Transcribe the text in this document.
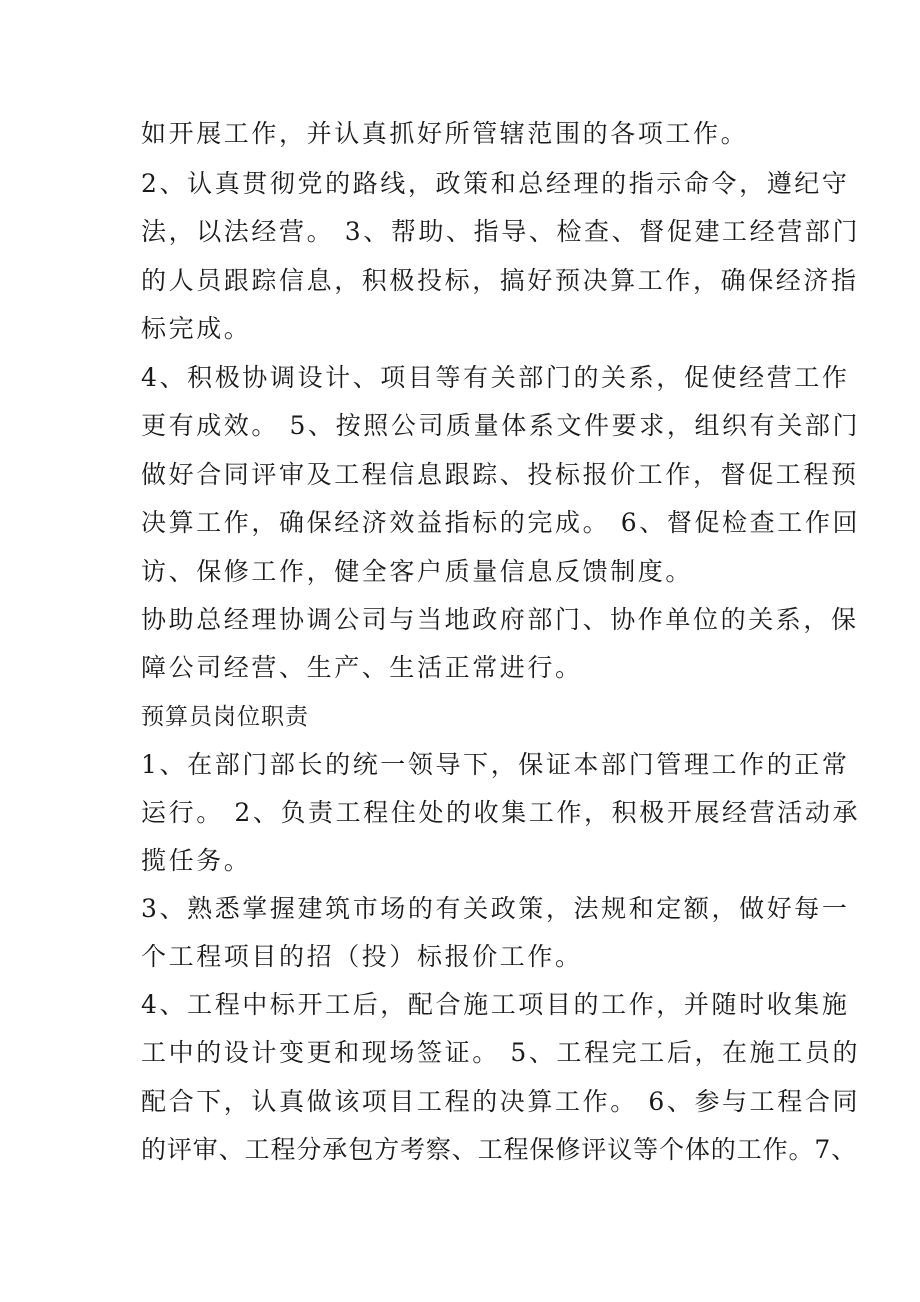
如开展工作，并认真抓好所管辖范围的各项工作。

2、认真贯彻党的路线，政策和总经理的指示命令，遵纪守

法，以法经营。 3、帮助、指导、检查、督促建工经营部门

的人员跟踪信息，积极投标，搞好预决算工作，确保经济指

标完成。

4、积极协调设计、项目等有关部门的关系，促使经营工作

更有成效。 5、按照公司质量体系文件要求，组织有关部门

做好合同评审及工程信息跟踪、投标报价工作，督促工程预

决算工作，确保经济效益指标的完成。 6、督促检查工作回

访、保修工作，健全客户质量信息反馈制度。

协助总经理协调公司与当地政府部门、协作单位的关系，保

障公司经营、生产、生活正常进行。

预算员岗位职责

1、在部门部长的统一领导下，保证本部门管理工作的正常

运行。 2、负责工程住处的收集工作，积极开展经营活动承

揽任务。

3、熟悉掌握建筑市场的有关政策，法规和定额，做好每一

个工程项目的招（投）标报价工作。

4、工程中标开工后，配合施工项目的工作，并随时收集施

工中的设计变更和现场签证。 5、工程完工后，在施工员的

配合下，认真做该项目工程的决算工作。 6、参与工程合同

的评审、工程分承包方考察、工程保修评议等个体的工作。7、
